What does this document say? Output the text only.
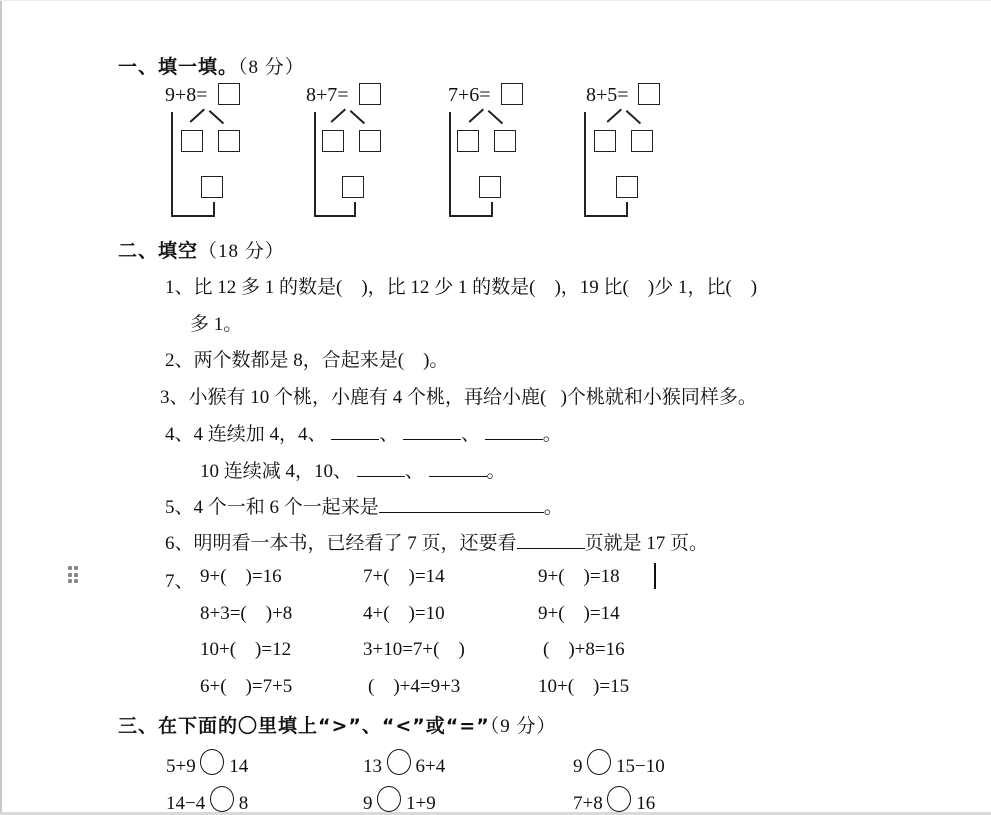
一、填一填。（8 分）
9+8=	8+7=	7+6=	8+5=
二、填空（18 分）
1、比 12 多 1 的数是(    )，比 12 少 1 的数是(    )，19 比(    )少 1，比(    )
多 1。
2、两个数都是 8，合起来是(    )。
3、小猴有 10 个桃，小鹿有 4 个桃，再给小鹿(   )个桃就和小猴同样多。
4、4 连续加 4，4、	、	、	。
10 连续减 4，10、	、	。
5、4 个一和 6 个一起来是	。
6、明明看一本书，已经看了 7 页，还要看	页就是 17 页。
7、 9+(    )=16	7+(    )=14	9+(    )=18
8+3=(    )+8	4+(    )=10	9+(    )=14
10+(    )=12	3+10=7+(    )	(    )+8=16
6+(    )=7+5	(    )+4=9+3	10+(    )=15
三、在下面的〇里填上“>”、“<”或“=”（9 分）
5+9 14	13 6+4	9 15−10
14−4 8	9 1+9	7+8 16
